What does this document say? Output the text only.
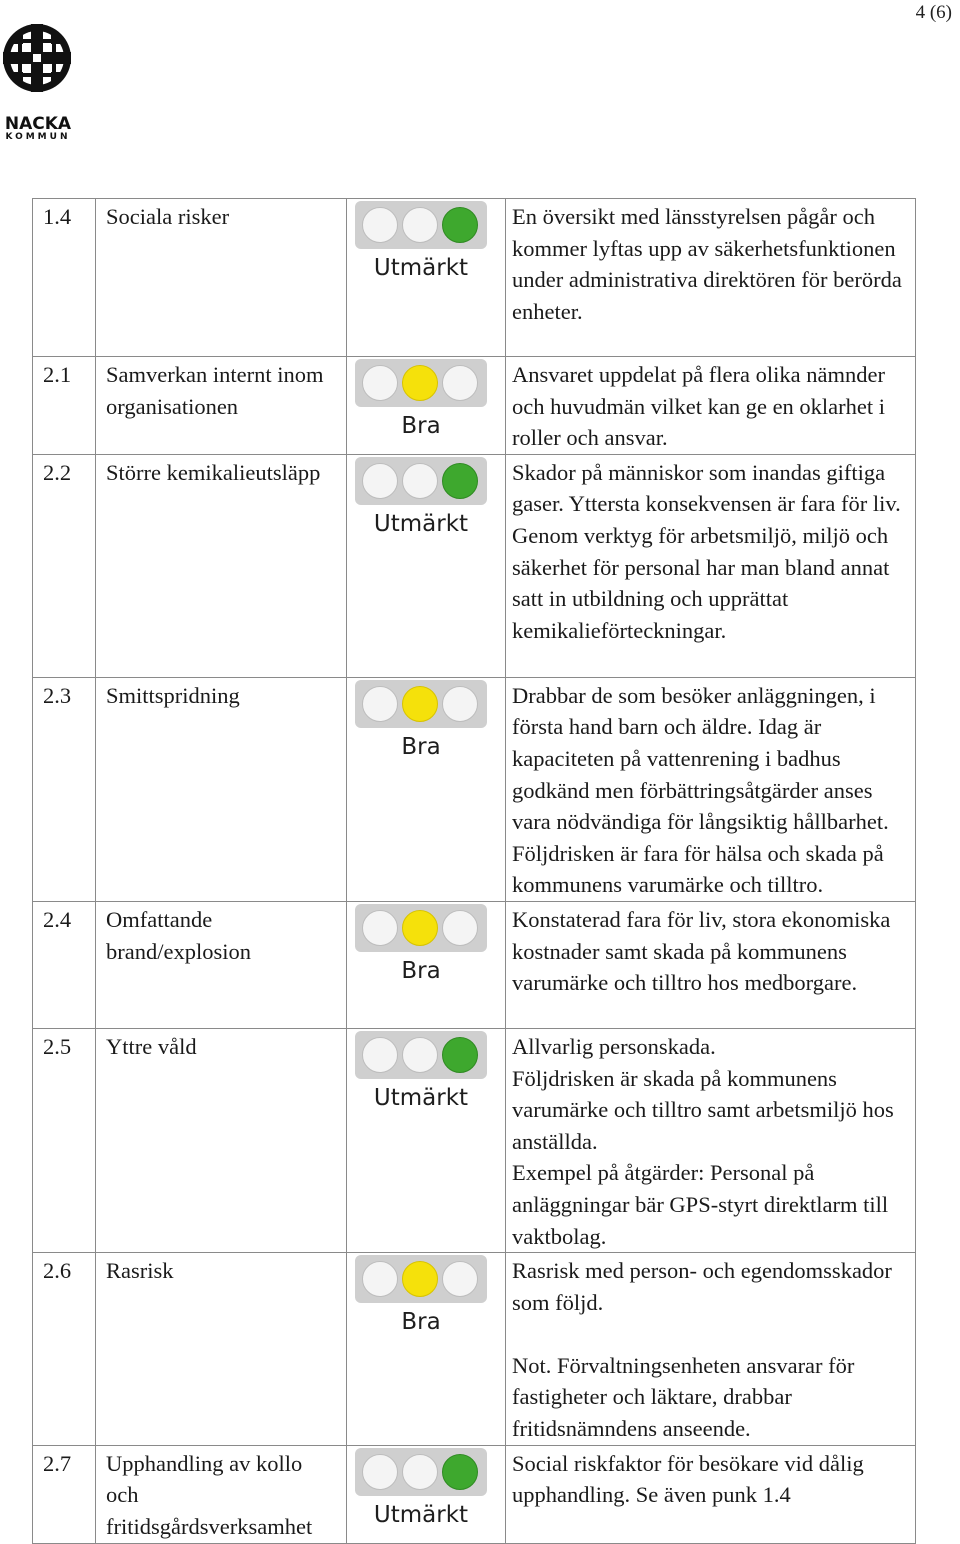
4 (6)
NACKA
KOMMUN
1.4	Sociala risker	Utmärkt	En översikt med länsstyrelsen pågår och kommer lyftas upp av säkerhetsfunktionen under administrativa direktören för berörda enheter.

2.1	Samverkan internt inom organisationen	Bra	Ansvaret uppdelat på flera olika nämnder och huvudmän vilket kan ge en oklarhet i roller och ansvar.

2.2	Större kemikalieutsläpp	Utmärkt	Skador på människor som inandas giftiga gaser. Yttersta konsekvensen är fara för liv.
Genom verktyg för arbetsmiljö, miljö och säkerhet för personal har man bland annat satt in utbildning och upprättat kemikalieförteckningar.

2.3	Smittspridning	Bra	Drabbar de som besöker anläggningen, i första hand barn och äldre. Idag är kapaciteten på vattenrening i badhus godkänd men förbättringsåtgärder anses vara nödvändiga för långsiktig hållbarhet. Följdrisken är fara för hälsa och skada på kommunens varumärke och tilltro.

2.4	Omfattande brand/explosion	Bra	Konstaterad fara för liv, stora ekonomiska kostnader samt skada på kommunens varumärke och tilltro hos medborgare.

2.5	Yttre våld	Utmärkt	Allvarlig personskada.
Följdrisken är skada på kommunens varumärke och tilltro samt arbetsmiljö hos anställda.
Exempel på åtgärder: Personal på anläggningar bär GPS-styrt direktlarm till vaktbolag.

2.6	Rasrisk	Bra	Rasrisk med person- och egendomsskador som följd.
Not. Förvaltningsenheten ansvarar för fastigheter och läktare, drabbar fritidsnämndens anseende.

2.7	Upphandling av kollo och fritidsgårdsverksamhet	Utmärkt	Social riskfaktor för besökare vid dålig upphandling. Se även punk 1.4
